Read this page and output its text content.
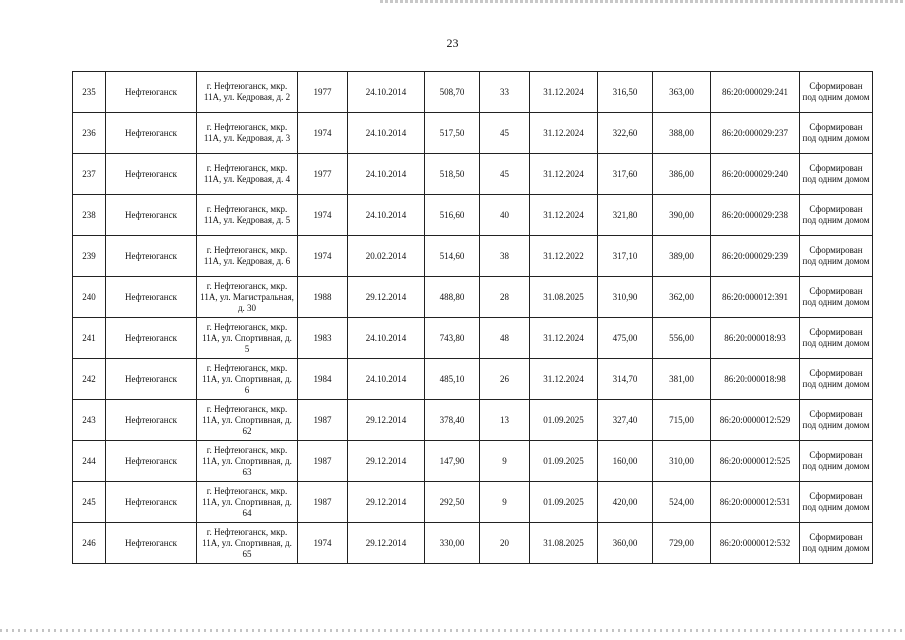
23
235	Нефтеюганск	г. Нефтеюганск, мкр. 11А, ул. Кедровая, д. 2	1977	24.10.2014	508,70	33	31.12.2024	316,50	363,00	86:20:000029:241	Сформирован под одним домом
236	Нефтеюганск	г. Нефтеюганск, мкр. 11А, ул. Кедровая, д. 3	1974	24.10.2014	517,50	45	31.12.2024	322,60	388,00	86:20:000029:237	Сформирован под одним домом
237	Нефтеюганск	г. Нефтеюганск, мкр. 11А, ул. Кедровая, д. 4	1977	24.10.2014	518,50	45	31.12.2024	317,60	386,00	86:20:000029:240	Сформирован под одним домом
238	Нефтеюганск	г. Нефтеюганск, мкр. 11А, ул. Кедровая, д. 5	1974	24.10.2014	516,60	40	31.12.2024	321,80	390,00	86:20:000029:238	Сформирован под одним домом
239	Нефтеюганск	г. Нефтеюганск, мкр. 11А, ул. Кедровая, д. 6	1974	20.02.2014	514,60	38	31.12.2022	317,10	389,00	86:20:000029:239	Сформирован под одним домом
240	Нефтеюганск	г. Нефтеюганск, мкр. 11А, ул. Магистральная, д. 30	1988	29.12.2014	488,80	28	31.08.2025	310,90	362,00	86:20:000012:391	Сформирован под одним домом
241	Нефтеюганск	г. Нефтеюганск, мкр. 11А, ул. Спортивная, д. 5	1983	24.10.2014	743,80	48	31.12.2024	475,00	556,00	86:20:000018:93	Сформирован под одним домом
242	Нефтеюганск	г. Нефтеюганск, мкр. 11А, ул. Спортивная, д. 6	1984	24.10.2014	485,10	26	31.12.2024	314,70	381,00	86:20:000018:98	Сформирован под одним домом
243	Нефтеюганск	г. Нефтеюганск, мкр. 11А, ул. Спортивная, д. 62	1987	29.12.2014	378,40	13	01.09.2025	327,40	715,00	86:20:0000012:529	Сформирован под одним домом
244	Нефтеюганск	г. Нефтеюганск, мкр. 11А, ул. Спортивная, д. 63	1987	29.12.2014	147,90	9	01.09.2025	160,00	310,00	86:20:0000012:525	Сформирован под одним домом
245	Нефтеюганск	г. Нефтеюганск, мкр. 11А, ул. Спортивная, д. 64	1987	29.12.2014	292,50	9	01.09.2025	420,00	524,00	86:20:0000012:531	Сформирован под одним домом
246	Нефтеюганск	г. Нефтеюганск, мкр. 11А, ул. Спортивная, д. 65	1974	29.12.2014	330,00	20	31.08.2025	360,00	729,00	86:20:0000012:532	Сформирован под одним домом
